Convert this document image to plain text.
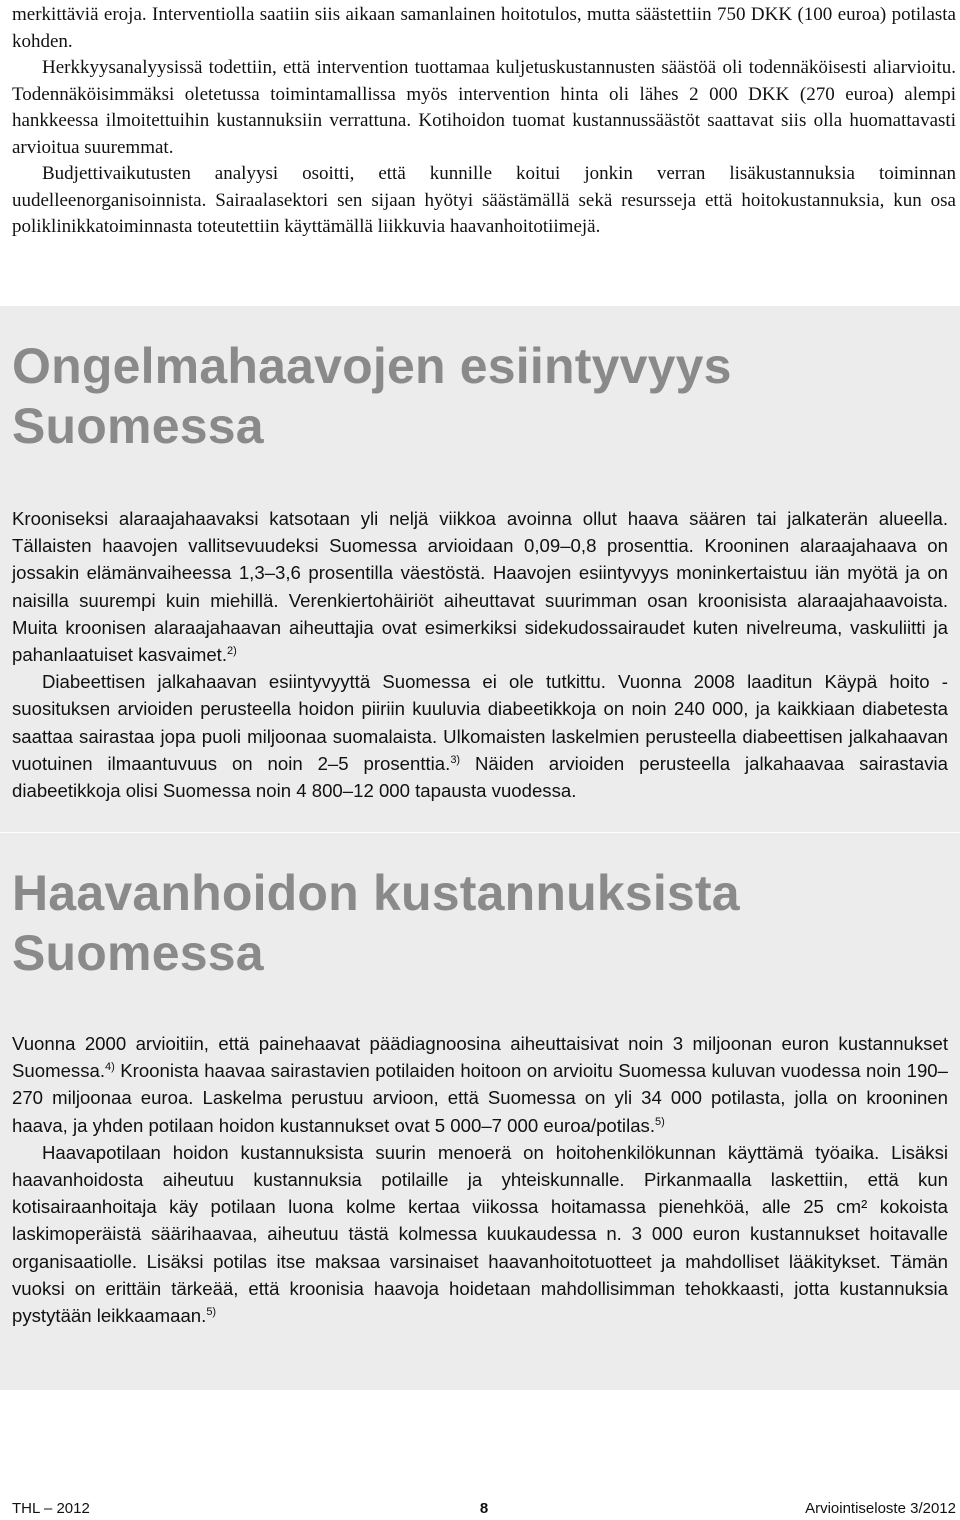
merkittäviä eroja. Interventiolla saatiin siis aikaan samanlainen hoitotulos, mutta säästettiin 750 DKK (100 euroa) potilasta kohden.

Herkkyysanalyysissä todettiin, että intervention tuottamaa kuljetuskustannusten säästöä oli todennäköisesti aliarvioitu. Todennäköisimmäksi oletetussa toimintamallissa myös intervention hinta oli lähes 2 000 DKK (270 euroa) alempi hankkeessa ilmoitettuihin kustannuksiin verrattuna. Kotihoidon tuomat kustannussäästöt saattavat siis olla huomattavasti arvioitua suuremmat.

Budjettivaikutusten analyysi osoitti, että kunnille koitui jonkin verran lisäkustannuksia toiminnan uudelleenorganisoinnista. Sairaalasektori sen sijaan hyötyi säästämällä sekä resursseja että hoitokustannuksia, kun osa poliklinikkatoiminnasta toteutettiin käyttämällä liikkuvia haavanhoitotiimejä.

Ongelmahaavojen esiintyvyys Suomessa

Krooniseksi alaraajahaavaksi katsotaan yli neljä viikkoa avoinna ollut haava säären tai jalkaterän alueella. Tällaisten haavojen vallitsevuudeksi Suomessa arvioidaan 0,09–0,8 prosenttia. Krooninen alaraajahaava on jossakin elämänvaiheessa 1,3–3,6 prosentilla väestöstä. Haavojen esiintyvyys moninkertaistuu iän myötä ja on naisilla suurempi kuin miehillä. Verenkiertohäiriöt aiheuttavat suurimman osan kroonisista alaraajahaavoista. Muita kroonisen alaraajahaavan aiheuttajia ovat esimerkiksi sidekudossairaudet kuten nivelreuma, vaskuliitti ja pahanlaatuiset kasvaimet.$^{2)}$

Diabeettisen jalkahaavan esiintyvyyttä Suomessa ei ole tutkittu. Vuonna 2008 laaditun Käypä hoito -suosituksen arvioiden perusteella hoidon piiriin kuuluvia diabeetikkoja on noin 240 000, ja kaikkiaan diabetesta saattaa sairastaa jopa puoli miljoonaa suomalaista. Ulkomaisten laskelmien perusteella diabeettisen jalkahaavan vuotuinen ilmaantuvuus on noin 2–5 prosenttia.$^{3)}$ Näiden arvioiden perusteella jalkahaavaa sairastavia diabeetikkoja olisi Suomessa noin 4 800–12 000 tapausta vuodessa.

Haavanhoidon kustannuksista Suomessa

Vuonna 2000 arvioitiin, että painehaavat päädiagnoosina aiheuttaisivat noin 3 miljoonan euron kustannukset Suomessa.$^{4)}$ Kroonista haavaa sairastavien potilaiden hoitoon on arvioitu Suomessa kuluvan vuodessa noin 190–270 miljoonaa euroa. Laskelma perustuu arvioon, että Suomessa on yli 34 000 potilasta, jolla on krooninen haava, ja yhden potilaan hoidon kustannukset ovat 5 000–7 000 euroa/potilas.$^{5)}$

Haavapotilaan hoidon kustannuksista suurin menoerä on hoitohenkilökunnan käyttämä työaika. Lisäksi haavanhoidosta aiheutuu kustannuksia potilaille ja yhteiskunnalle. Pirkanmaalla laskettiin, että kun kotisairaanhoitaja käy potilaan luona kolme kertaa viikossa hoitamassa pienehköä, alle 25 cm² kokoista laskimoperäistä säärihaavaa, aiheutuu tästä kolmessa kuukaudessa n. 3 000 euron kustannukset hoitavalle organisaatiolle. Lisäksi potilas itse maksaa varsinaiset haavanhoitotuotteet ja mahdolliset lääkitykset. Tämän vuoksi on erittäin tärkeää, että kroonisia haavoja hoidetaan mahdollisimman tehokkaasti, jotta kustannuksia pystytään leikkaamaan.$^{5)}$

THL – 2012	8	Arviointiseloste 3/2012
